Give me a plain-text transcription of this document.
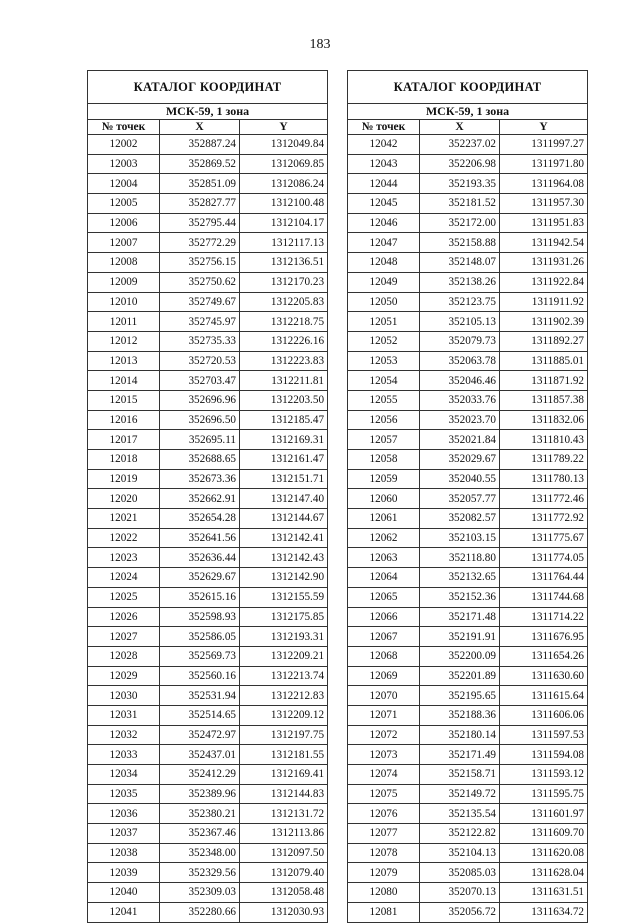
183
КАТАЛОГ КООРДИНАТ		
МСК-59, 1 зона		
№ точек	X	Y
12002	352887.24	1312049.84
12003	352869.52	1312069.85
12004	352851.09	1312086.24
12005	352827.77	1312100.48
12006	352795.44	1312104.17
12007	352772.29	1312117.13
12008	352756.15	1312136.51
12009	352750.62	1312170.23
12010	352749.67	1312205.83
12011	352745.97	1312218.75
12012	352735.33	1312226.16
12013	352720.53	1312223.83
12014	352703.47	1312211.81
12015	352696.96	1312203.50
12016	352696.50	1312185.47
12017	352695.11	1312169.31
12018	352688.65	1312161.47
12019	352673.36	1312151.71
12020	352662.91	1312147.40
12021	352654.28	1312144.67
12022	352641.56	1312142.41
12023	352636.44	1312142.43
12024	352629.67	1312142.90
12025	352615.16	1312155.59
12026	352598.93	1312175.85
12027	352586.05	1312193.31
12028	352569.73	1312209.21
12029	352560.16	1312213.74
12030	352531.94	1312212.83
12031	352514.65	1312209.12
12032	352472.97	1312197.75
12033	352437.01	1312181.55
12034	352412.29	1312169.41
12035	352389.96	1312144.83
12036	352380.21	1312131.72
12037	352367.46	1312113.86
12038	352348.00	1312097.50
12039	352329.56	1312079.40
12040	352309.03	1312058.48
12041	352280.66	1312030.93
КАТАЛОГ КООРДИНАТ		
МСК-59, 1 зона		
№ точек	X	Y
12042	352237.02	1311997.27
12043	352206.98	1311971.80
12044	352193.35	1311964.08
12045	352181.52	1311957.30
12046	352172.00	1311951.83
12047	352158.88	1311942.54
12048	352148.07	1311931.26
12049	352138.26	1311922.84
12050	352123.75	1311911.92
12051	352105.13	1311902.39
12052	352079.73	1311892.27
12053	352063.78	1311885.01
12054	352046.46	1311871.92
12055	352033.76	1311857.38
12056	352023.70	1311832.06
12057	352021.84	1311810.43
12058	352029.67	1311789.22
12059	352040.55	1311780.13
12060	352057.77	1311772.46
12061	352082.57	1311772.92
12062	352103.15	1311775.67
12063	352118.80	1311774.05
12064	352132.65	1311764.44
12065	352152.36	1311744.68
12066	352171.48	1311714.22
12067	352191.91	1311676.95
12068	352200.09	1311654.26
12069	352201.89	1311630.60
12070	352195.65	1311615.64
12071	352188.36	1311606.06
12072	352180.14	1311597.53
12073	352171.49	1311594.08
12074	352158.71	1311593.12
12075	352149.72	1311595.75
12076	352135.54	1311601.97
12077	352122.82	1311609.70
12078	352104.13	1311620.08
12079	352085.03	1311628.04
12080	352070.13	1311631.51
12081	352056.72	1311634.72
